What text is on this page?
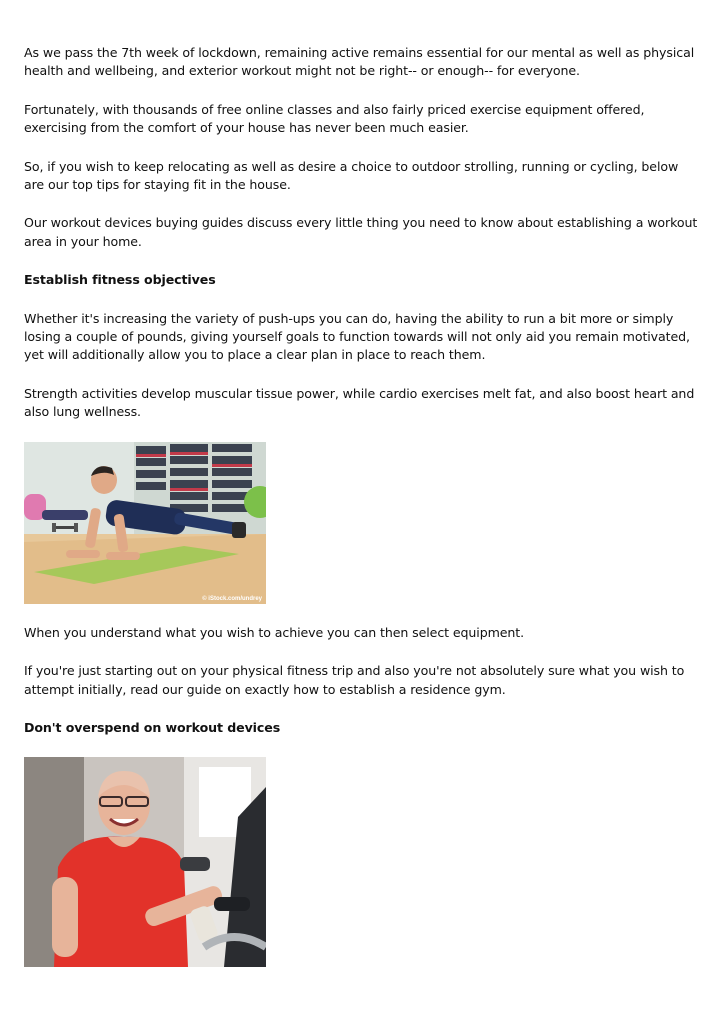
As we pass the 7th week of lockdown, remaining active remains essential for our mental as well as physical health and wellbeing, and exterior workout might not be right-- or enough-- for everyone.

Fortunately, with thousands of free online classes and also fairly priced exercise equipment offered, exercising from the comfort of your house has never been much easier.

So, if you wish to keep relocating as well as desire a choice to outdoor strolling, running or cycling, below are our top tips for staying fit in the house.

Our workout devices buying guides discuss every little thing you need to know about establishing a workout area in your home.

Establish fitness objectives

Whether it's increasing the variety of push-ups you can do, having the ability to run a bit more or simply losing a couple of pounds, giving yourself goals to function towards will not only aid you remain motivated, yet will additionally allow you to place a clear plan in place to reach them.

Strength activities develop muscular tissue power, while cardio exercises melt fat, and also boost heart and also lung wellness.

© iStock.com/undrey

When you understand what you wish to achieve you can then select equipment.

If you're just starting out on your physical fitness trip and also you're not absolutely sure what you wish to attempt initially, read our guide on exactly how to establish a residence gym.

Don't overspend on workout devices
